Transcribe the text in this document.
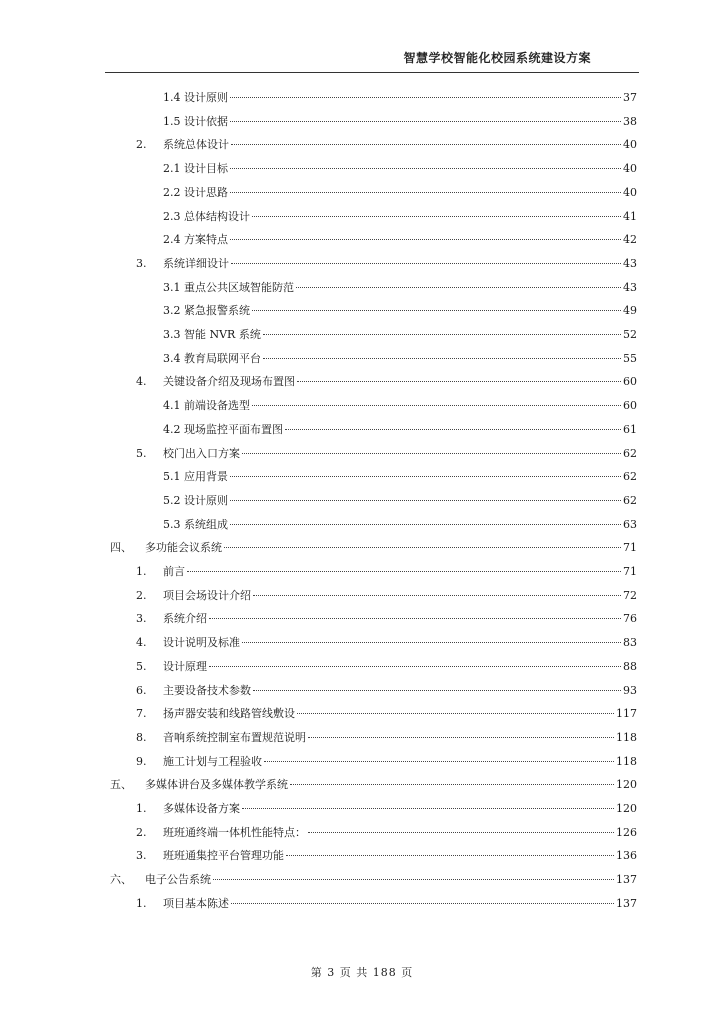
智慧学校智能化校园系统建设方案
1.4 设计原则	37
1.5 设计依据	38
2.	系统总体设计	40
2.1 设计目标	40
2.2 设计思路	40
2.3 总体结构设计	41
2.4 方案特点	42
3.	系统详细设计	43
3.1 重点公共区域智能防范	43
3.2 紧急报警系统	49
3.3 智能 NVR 系统	52
3.4 教育局联网平台	55
4.	关键设备介绍及现场布置图	60
4.1 前端设备选型	60
4.2 现场监控平面布置图	61
5.	校门出入口方案	62
5.1 应用背景	62
5.2 设计原则	62
5.3 系统组成	63
四、	多功能会议系统	71
1.	前言	71
2.	项目会场设计介绍	72
3.	系统介绍	76
4.	设计说明及标准	83
5.	设计原理	88
6.	主要设备技术参数	93
7.	扬声器安装和线路管线敷设	117
8.	音响系统控制室布置规范说明	118
9.	施工计划与工程验收	118
五、	多媒体讲台及多媒体教学系统	120
1.	多媒体设备方案	120
2.	班班通终端一体机性能特点：	126
3.	班班通集控平台管理功能	136
六、	电子公告系统	137
1.	项目基本陈述	137
第 3 页 共 188 页
